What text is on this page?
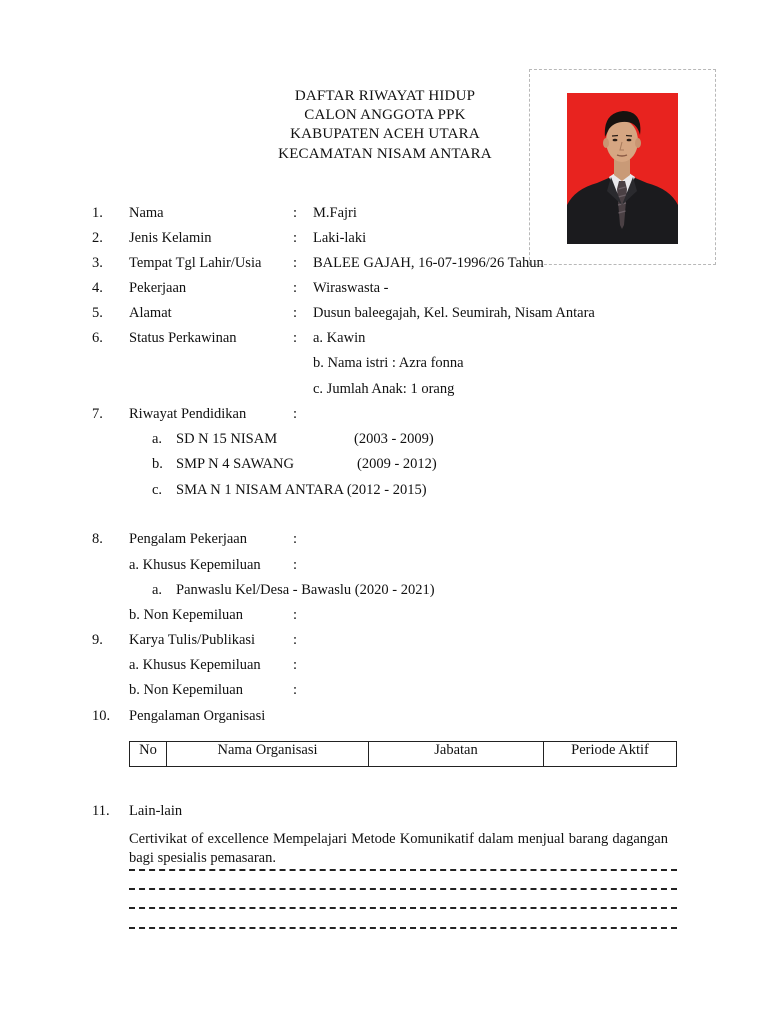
DAFTAR RIWAYAT HIDUP
CALON ANGGOTA PPK
KABUPATEN ACEH UTARA
KECAMATAN NISAM ANTARA
1. Nama	: M.Fajri
2. Jenis Kelamin	: Laki-laki
3. Tempat Tgl Lahir/Usia : BALEE GAJAH, 16-07-1996/26 Tahun
4. Pekerjaan	: Wiraswasta -
5. Alamat	: Dusun baleegajah, Kel. Seumirah, Nisam Antara
6. Status Perkawinan	: a. Kawin
b. Nama istri : Azra fonna
c. Jumlah Anak: 1 orang
7. Riwayat Pendidikan	:
a. SD N 15 NISAM	(2003 - 2009)
b. SMP N 4 SAWANG	(2009 - 2012)
c. SMA N 1 NISAM ANTARA (2012 - 2015)
8. Pengalam Pekerjaan	:
a. Khusus Kepemiluan :
a. Panwaslu Kel/Desa - Bawaslu (2020 - 2021)
b. Non Kepemiluan	:
9. Karya Tulis/Publikasi	:
a. Khusus Kepemiluan :
b. Non Kepemiluan	:
10. Pengalaman Organisasi
No	Nama Organisasi	Jabatan	Periode Aktif
11. Lain-lain
Certivikat of excellence Mempelajari Metode Komunikatif dalam menjual barang dagangan bagi spesialis pemasaran.
